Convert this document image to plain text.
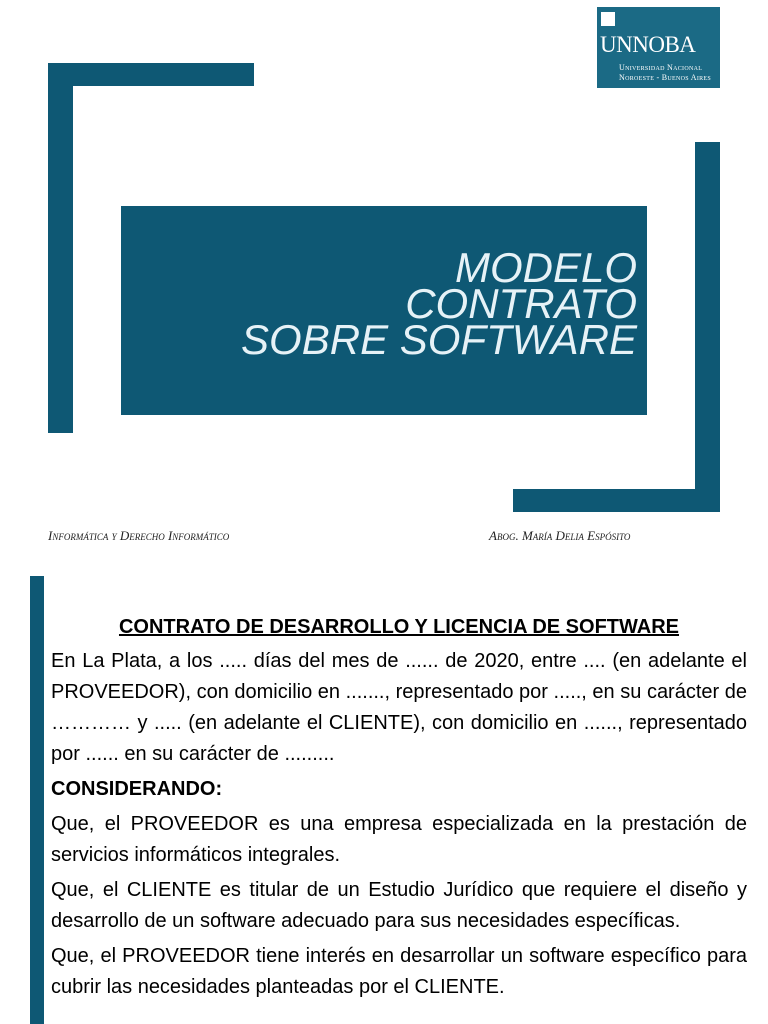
UNNOBA
Universidad Nacional
Noroeste - Buenos Aires
MODELO
CONTRATO
SOBRE SOFTWARE
Informática y Derecho Informático	Abog. María Delia Espósito
CONTRATO DE DESARROLLO Y LICENCIA DE SOFTWARE

En La Plata, a los ..... días del mes de ...... de 2020, entre .... (en adelante el PROVEEDOR), con domicilio en ......., representado por ....., en su carácter de ………… y ..... (en adelante el CLIENTE), con domicilio en ......, representado por ...... en su carácter de .........

CONSIDERANDO:

Que, el PROVEEDOR es una empresa especializada en la prestación de servicios informáticos integrales.

Que, el CLIENTE es titular de un Estudio Jurídico que requiere el diseño y desarrollo de un software adecuado para sus necesidades específicas.

Que, el PROVEEDOR tiene interés en desarrollar un software específico para cubrir las necesidades planteadas por el CLIENTE.
